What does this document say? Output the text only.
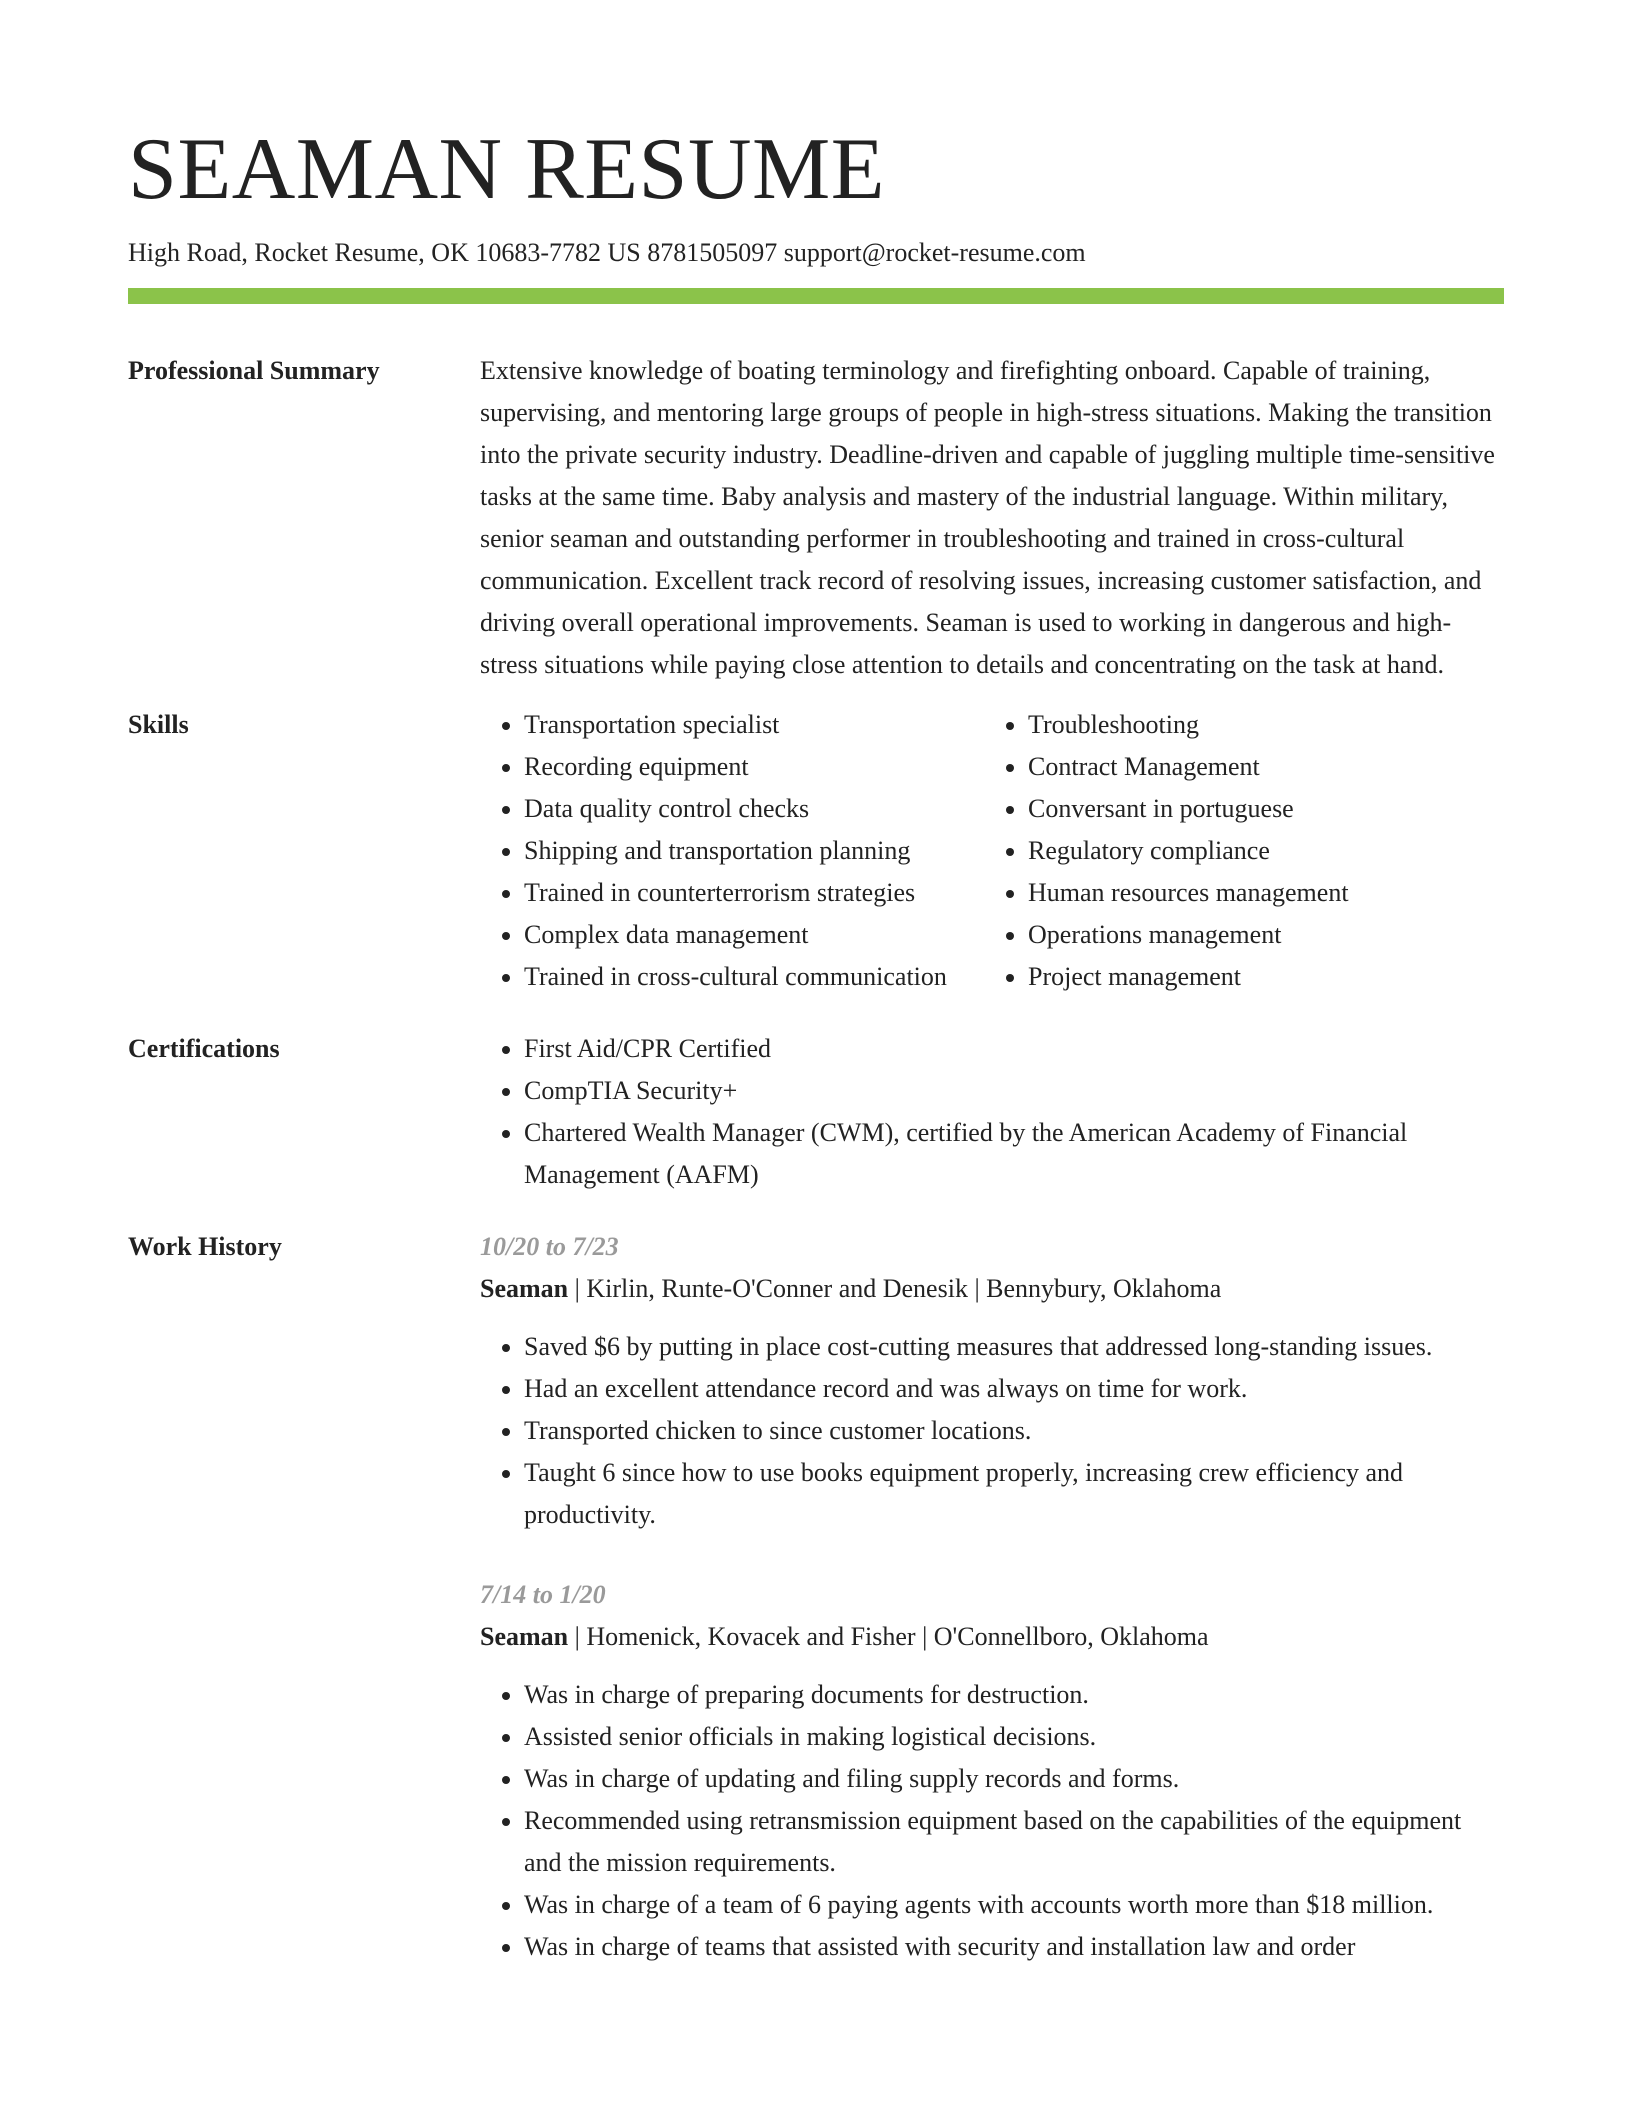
SEAMAN RESUME
High Road, Rocket Resume, OK 10683-7782 US 8781505097 support@rocket-resume.com
Professional Summary	Extensive knowledge of boating terminology and firefighting onboard. Capable of training, supervising, and mentoring large groups of people in high-stress situations. Making the transition into the private security industry. Deadline-driven and capable of juggling multiple time-sensitive tasks at the same time. Baby analysis and mastery of the industrial language. Within military, senior seaman and outstanding performer in troubleshooting and trained in cross-cultural communication. Excellent track record of resolving issues, increasing customer satisfaction, and driving overall operational improvements. Seaman is used to working in dangerous and high-stress situations while paying close attention to details and concentrating on the task at hand.

Skills	• Transportation specialist
• Recording equipment
• Data quality control checks
• Shipping and transportation planning
• Trained in counterterrorism strategies
• Complex data management
• Trained in cross-cultural communication
• Troubleshooting
• Contract Management
• Conversant in portuguese
• Regulatory compliance
• Human resources management
• Operations management
• Project management
Certifications	• First Aid/CPR Certified
• CompTIA Security+
• Chartered Wealth Manager (CWM), certified by the American Academy of Financial Management (AAFM)
Work History	10/20 to 7/23
Seaman | Kirlin, Runte-O'Conner and Denesik | Bennybury, Oklahoma
• Saved $6 by putting in place cost-cutting measures that addressed long-standing issues.
• Had an excellent attendance record and was always on time for work.
• Transported chicken to since customer locations.
• Taught 6 since how to use books equipment properly, increasing crew efficiency and productivity.
7/14 to 1/20
Seaman | Homenick, Kovacek and Fisher | O'Connellboro, Oklahoma
• Was in charge of preparing documents for destruction.
• Assisted senior officials in making logistical decisions.
• Was in charge of updating and filing supply records and forms.
• Recommended using retransmission equipment based on the capabilities of the equipment and the mission requirements.
• Was in charge of a team of 6 paying agents with accounts worth more than $18 million.
• Was in charge of teams that assisted with security and installation law and order
